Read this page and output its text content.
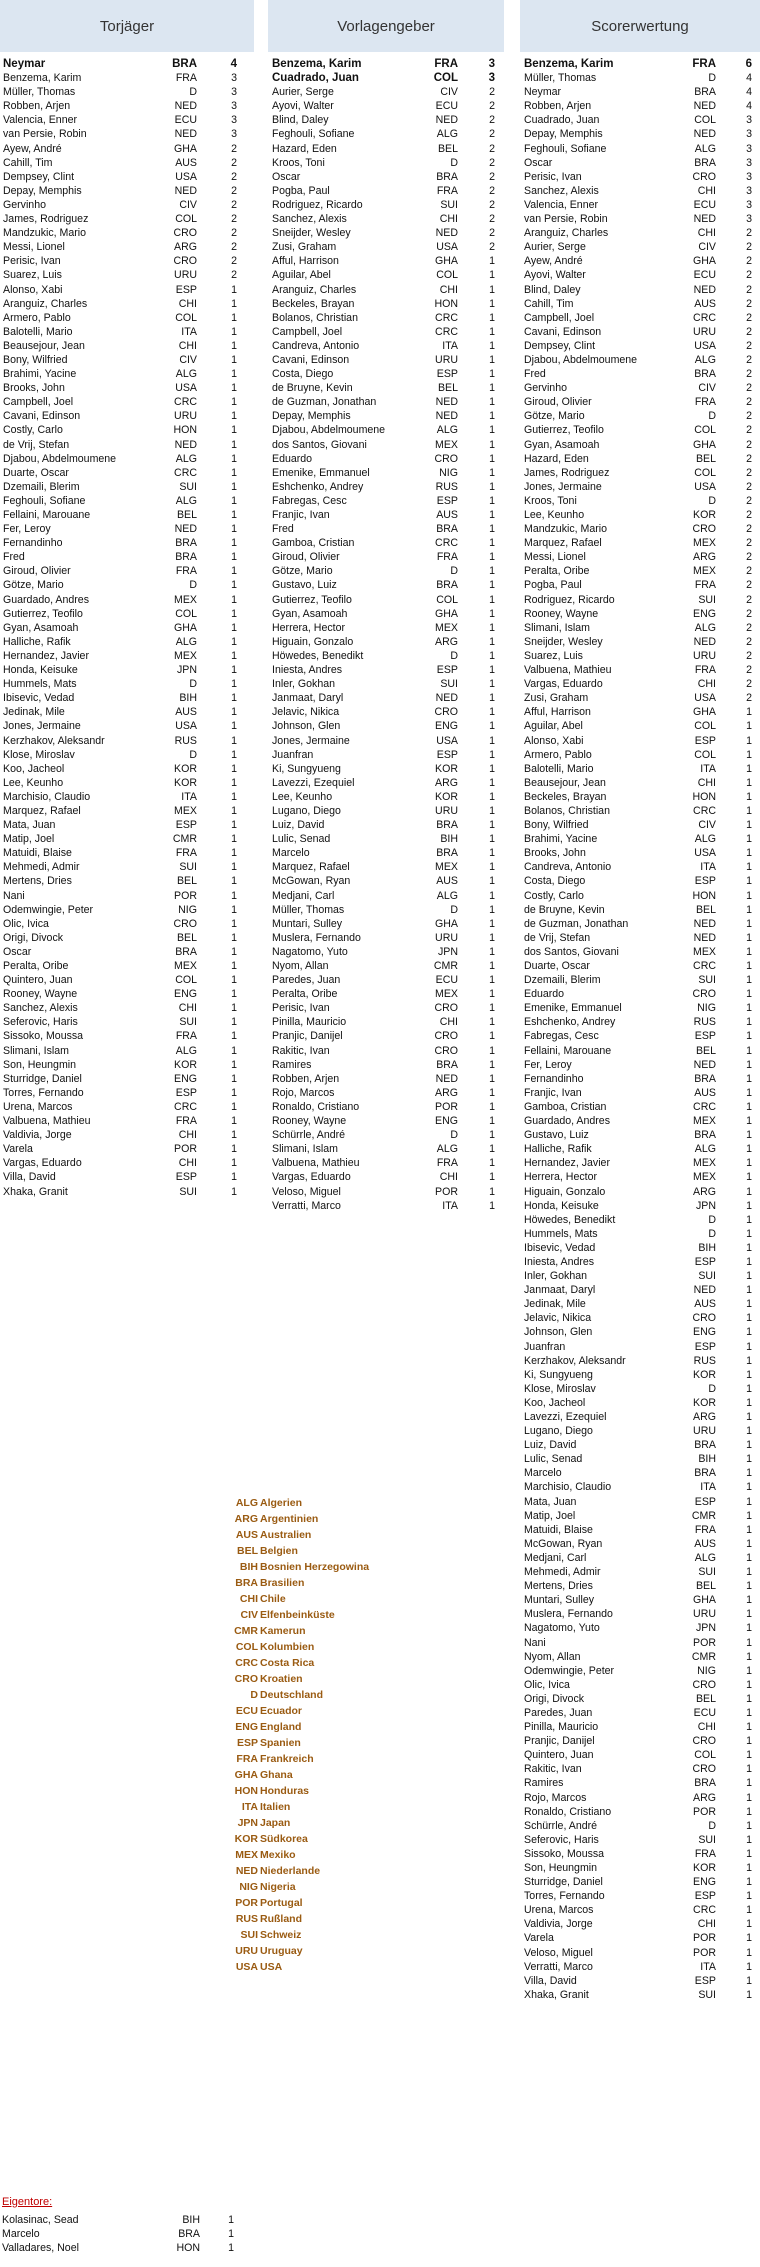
Torjäger	Vorlagengeber	Scorerwertung
Neymar	BRA	4
Benzema, Karim	FRA	3
Müller, Thomas	D	3
Robben, Arjen	NED	3
Valencia, Enner	ECU	3
van Persie, Robin	NED	3
Ayew, André	GHA	2
Cahill, Tim	AUS	2
Dempsey, Clint	USA	2
Depay, Memphis	NED	2
Gervinho	CIV	2
James, Rodriguez	COL	2
Mandzukic, Mario	CRO	2
Messi, Lionel	ARG	2
Perisic, Ivan	CRO	2
Suarez, Luis	URU	2
Alonso, Xabi	ESP	1
Aranguiz, Charles	CHI	1
Armero, Pablo	COL	1
Balotelli, Mario	ITA	1
Beausejour, Jean	CHI	1
Bony, Wilfried	CIV	1
Brahimi, Yacine	ALG	1
Brooks, John	USA	1
Campbell, Joel	CRC	1
Cavani, Edinson	URU	1
Costly, Carlo	HON	1
de Vrij, Stefan	NED	1
Djabou, Abdelmoumene	ALG	1
Duarte, Oscar	CRC	1
Dzemaili, Blerim	SUI	1
Feghouli, Sofiane	ALG	1
Fellaini, Marouane	BEL	1
Fer, Leroy	NED	1
Fernandinho	BRA	1
Fred	BRA	1
Giroud, Olivier	FRA	1
Götze, Mario	D	1
Guardado, Andres	MEX	1
Gutierrez, Teofilo	COL	1
Gyan, Asamoah	GHA	1
Halliche, Rafik	ALG	1
Hernandez, Javier	MEX	1
Honda, Keisuke	JPN	1
Hummels, Mats	D	1
Ibisevic, Vedad	BIH	1
Jedinak, Mile	AUS	1
Jones, Jermaine	USA	1
Kerzhakov, Aleksandr	RUS	1
Klose, Miroslav	D	1
Koo, Jacheol	KOR	1
Lee, Keunho	KOR	1
Marchisio, Claudio	ITA	1
Marquez, Rafael	MEX	1
Mata, Juan	ESP	1
Matip, Joel	CMR	1
Matuidi, Blaise	FRA	1
Mehmedi, Admir	SUI	1
Mertens, Dries	BEL	1
Nani	POR	1
Odemwingie, Peter	NIG	1
Olic, Ivica	CRO	1
Origi, Divock	BEL	1
Oscar	BRA	1
Peralta, Oribe	MEX	1
Quintero, Juan	COL	1
Rooney, Wayne	ENG	1
Sanchez, Alexis	CHI	1
Seferovic, Haris	SUI	1
Sissoko, Moussa	FRA	1
Slimani, Islam	ALG	1
Son, Heungmin	KOR	1
Sturridge, Daniel	ENG	1
Torres, Fernando	ESP	1
Urena, Marcos	CRC	1
Valbuena, Mathieu	FRA	1
Valdivia, Jorge	CHI	1
Varela	POR	1
Vargas, Eduardo	CHI	1
Villa, David	ESP	1
Xhaka, Granit	SUI	1
Benzema, Karim	FRA	3
Cuadrado, Juan	COL	3
Aurier, Serge	CIV	2
Ayovi, Walter	ECU	2
Blind, Daley	NED	2
Feghouli, Sofiane	ALG	2
Hazard, Eden	BEL	2
Kroos, Toni	D	2
Oscar	BRA	2
Pogba, Paul	FRA	2
Rodriguez, Ricardo	SUI	2
Sanchez, Alexis	CHI	2
Sneijder, Wesley	NED	2
Zusi, Graham	USA	2
Afful, Harrison	GHA	1
Aguilar, Abel	COL	1
Aranguiz, Charles	CHI	1
Beckeles, Brayan	HON	1
Bolanos, Christian	CRC	1
Campbell, Joel	CRC	1
Candreva, Antonio	ITA	1
Cavani, Edinson	URU	1
Costa, Diego	ESP	1
de Bruyne, Kevin	BEL	1
de Guzman, Jonathan	NED	1
Depay, Memphis	NED	1
Djabou, Abdelmoumene	ALG	1
dos Santos, Giovani	MEX	1
Eduardo	CRO	1
Emenike, Emmanuel	NIG	1
Eshchenko, Andrey	RUS	1
Fabregas, Cesc	ESP	1
Franjic, Ivan	AUS	1
Fred	BRA	1
Gamboa, Cristian	CRC	1
Giroud, Olivier	FRA	1
Götze, Mario	D	1
Gustavo, Luiz	BRA	1
Gutierrez, Teofilo	COL	1
Gyan, Asamoah	GHA	1
Herrera, Hector	MEX	1
Higuain, Gonzalo	ARG	1
Höwedes, Benedikt	D	1
Iniesta, Andres	ESP	1
Inler, Gokhan	SUI	1
Janmaat, Daryl	NED	1
Jelavic, Nikica	CRO	1
Johnson, Glen	ENG	1
Jones, Jermaine	USA	1
Juanfran	ESP	1
Ki, Sungyueng	KOR	1
Lavezzi, Ezequiel	ARG	1
Lee, Keunho	KOR	1
Lugano, Diego	URU	1
Luiz, David	BRA	1
Lulic, Senad	BIH	1
Marcelo	BRA	1
Marquez, Rafael	MEX	1
McGowan, Ryan	AUS	1
Medjani, Carl	ALG	1
Müller, Thomas	D	1
Muntari, Sulley	GHA	1
Muslera, Fernando	URU	1
Nagatomo, Yuto	JPN	1
Nyom, Allan	CMR	1
Paredes, Juan	ECU	1
Peralta, Oribe	MEX	1
Perisic, Ivan	CRO	1
Pinilla, Mauricio	CHI	1
Pranjic, Danijel	CRO	1
Rakitic, Ivan	CRO	1
Ramires	BRA	1
Robben, Arjen	NED	1
Rojo, Marcos	ARG	1
Ronaldo, Cristiano	POR	1
Rooney, Wayne	ENG	1
Schürrle, André	D	1
Slimani, Islam	ALG	1
Valbuena, Mathieu	FRA	1
Vargas, Eduardo	CHI	1
Veloso, Miguel	POR	1
Verratti, Marco	ITA	1
Benzema, Karim	FRA	6
Müller, Thomas	D	4
Neymar	BRA	4
Robben, Arjen	NED	4
Cuadrado, Juan	COL	3
Depay, Memphis	NED	3
Feghouli, Sofiane	ALG	3
Oscar	BRA	3
Perisic, Ivan	CRO	3
Sanchez, Alexis	CHI	3
Valencia, Enner	ECU	3
van Persie, Robin	NED	3
Aranguiz, Charles	CHI	2
Aurier, Serge	CIV	2
Ayew, André	GHA	2
Ayovi, Walter	ECU	2
Blind, Daley	NED	2
Cahill, Tim	AUS	2
Campbell, Joel	CRC	2
Cavani, Edinson	URU	2
Dempsey, Clint	USA	2
Djabou, Abdelmoumene	ALG	2
Fred	BRA	2
Gervinho	CIV	2
Giroud, Olivier	FRA	2
Götze, Mario	D	2
Gutierrez, Teofilo	COL	2
Gyan, Asamoah	GHA	2
Hazard, Eden	BEL	2
James, Rodriguez	COL	2
Jones, Jermaine	USA	2
Kroos, Toni	D	2
Lee, Keunho	KOR	2
Mandzukic, Mario	CRO	2
Marquez, Rafael	MEX	2
Messi, Lionel	ARG	2
Peralta, Oribe	MEX	2
Pogba, Paul	FRA	2
Rodriguez, Ricardo	SUI	2
Rooney, Wayne	ENG	2
Slimani, Islam	ALG	2
Sneijder, Wesley	NED	2
Suarez, Luis	URU	2
Valbuena, Mathieu	FRA	2
Vargas, Eduardo	CHI	2
Zusi, Graham	USA	2
Afful, Harrison	GHA	1
Aguilar, Abel	COL	1
Alonso, Xabi	ESP	1
Armero, Pablo	COL	1
Balotelli, Mario	ITA	1
Beausejour, Jean	CHI	1
Beckeles, Brayan	HON	1
Bolanos, Christian	CRC	1
Bony, Wilfried	CIV	1
Brahimi, Yacine	ALG	1
Brooks, John	USA	1
Candreva, Antonio	ITA	1
Costa, Diego	ESP	1
Costly, Carlo	HON	1
de Bruyne, Kevin	BEL	1
de Guzman, Jonathan	NED	1
de Vrij, Stefan	NED	1
dos Santos, Giovani	MEX	1
Duarte, Oscar	CRC	1
Dzemaili, Blerim	SUI	1
Eduardo	CRO	1
Emenike, Emmanuel	NIG	1
Eshchenko, Andrey	RUS	1
Fabregas, Cesc	ESP	1
Fellaini, Marouane	BEL	1
Fer, Leroy	NED	1
Fernandinho	BRA	1
Franjic, Ivan	AUS	1
Gamboa, Cristian	CRC	1
Guardado, Andres	MEX	1
Gustavo, Luiz	BRA	1
Halliche, Rafik	ALG	1
Hernandez, Javier	MEX	1
Herrera, Hector	MEX	1
Higuain, Gonzalo	ARG	1
Honda, Keisuke	JPN	1
Höwedes, Benedikt	D	1
Hummels, Mats	D	1
Ibisevic, Vedad	BIH	1
Iniesta, Andres	ESP	1
Inler, Gokhan	SUI	1
Janmaat, Daryl	NED	1
Jedinak, Mile	AUS	1
Jelavic, Nikica	CRO	1
Johnson, Glen	ENG	1
Juanfran	ESP	1
Kerzhakov, Aleksandr	RUS	1
Ki, Sungyueng	KOR	1
Klose, Miroslav	D	1
Koo, Jacheol	KOR	1
Lavezzi, Ezequiel	ARG	1
Lugano, Diego	URU	1
Luiz, David	BRA	1
Lulic, Senad	BIH	1
Marcelo	BRA	1
Marchisio, Claudio	ITA	1
Mata, Juan	ESP	1
Matip, Joel	CMR	1
Matuidi, Blaise	FRA	1
McGowan, Ryan	AUS	1
Medjani, Carl	ALG	1
Mehmedi, Admir	SUI	1
Mertens, Dries	BEL	1
Muntari, Sulley	GHA	1
Muslera, Fernando	URU	1
Nagatomo, Yuto	JPN	1
Nani	POR	1
Nyom, Allan	CMR	1
Odemwingie, Peter	NIG	1
Olic, Ivica	CRO	1
Origi, Divock	BEL	1
Paredes, Juan	ECU	1
Pinilla, Mauricio	CHI	1
Pranjic, Danijel	CRO	1
Quintero, Juan	COL	1
Rakitic, Ivan	CRO	1
Ramires	BRA	1
Rojo, Marcos	ARG	1
Ronaldo, Cristiano	POR	1
Schürrle, André	D	1
Seferovic, Haris	SUI	1
Sissoko, Moussa	FRA	1
Son, Heungmin	KOR	1
Sturridge, Daniel	ENG	1
Torres, Fernando	ESP	1
Urena, Marcos	CRC	1
Valdivia, Jorge	CHI	1
Varela	POR	1
Veloso, Miguel	POR	1
Verratti, Marco	ITA	1
Villa, David	ESP	1
Xhaka, Granit	SUI	1
ALG Algerien
ARG Argentinien
AUS Australien
BEL Belgien
BIH Bosnien Herzegowina
BRA Brasilien
CHI Chile
CIV Elfenbeinküste
CMR Kamerun
COL Kolumbien
CRC Costa Rica
CRO Kroatien
D Deutschland
ECU Ecuador
ENG England
ESP Spanien
FRA Frankreich
GHA Ghana
HON Honduras
ITA Italien
JPN Japan
KOR Südkorea
MEX Mexiko
NED Niederlande
NIG Nigeria
POR Portugal
RUS Rußland
SUI Schweiz
URU Uruguay
USA USA
Eigentore:
Kolasinac, Sead	BIH	1
Marcelo	BRA	1
Valladares, Noel	HON	1
